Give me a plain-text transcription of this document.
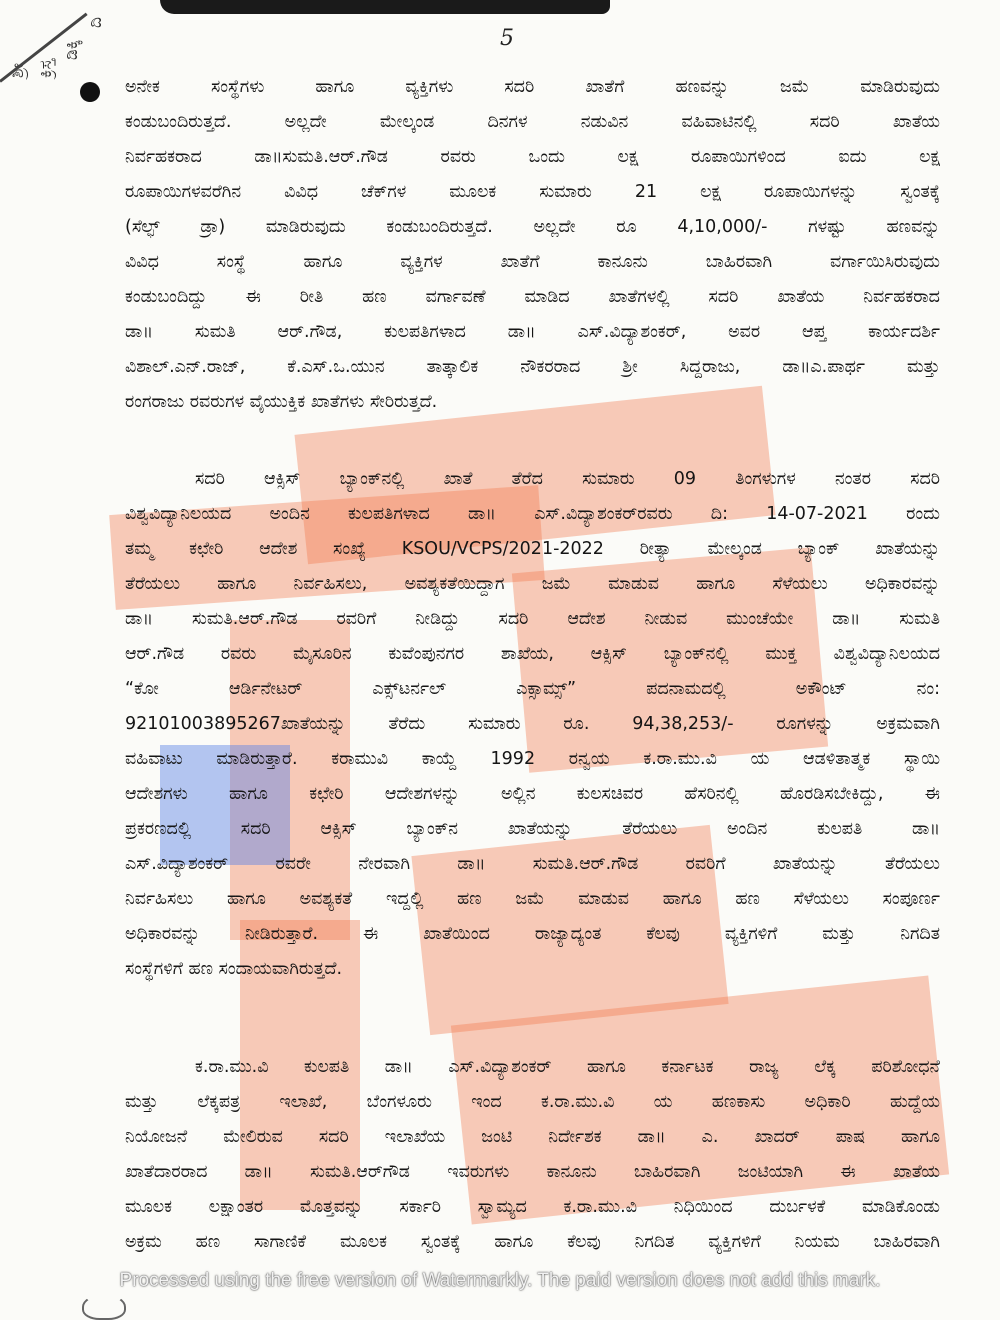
ಶ್ರೀ ಕ್ರಿಸ್ತ
ಡಿಕ್ಕಿ
ದಿ
5
ಅನೇಕ ಸಂಸ್ಥೆಗಳು ಹಾಗೂ ವ್ಯಕ್ತಿಗಳು ಸದರಿ ಖಾತೆಗೆ ಹಣವನ್ನು ಜಮೆ ಮಾಡಿರುವುದು
ಕಂಡುಬಂದಿರುತ್ತದೆ. ಅಲ್ಲದೇ ಮೇಲ್ಕಂಡ ದಿನಗಳ ನಡುವಿನ ವಹಿವಾಟಿನಲ್ಲಿ ಸದರಿ ಖಾತೆಯ
ನಿರ್ವಹಕರಾದ ಡಾ॥ಸುಮತಿ.ಆರ್.ಗೌಡ ರವರು ಒಂದು ಲಕ್ಷ ರೂಪಾಯಿಗಳಿಂದ ಐದು ಲಕ್ಷ
ರೂಪಾಯಿಗಳವರೆಗಿನ ವಿವಿಧ ಚೆಕ್‌ಗಳ ಮೂಲಕ ಸುಮಾರು 21 ಲಕ್ಷ ರೂಪಾಯಿಗಳನ್ನು ಸ್ವಂತಕ್ಕೆ
(ಸೆಲ್ಫ್ ಡ್ರಾ) ಮಾಡಿರುವುದು ಕಂಡುಬಂದಿರುತ್ತದೆ. ಅಲ್ಲದೇ ರೂ 4,10,000/- ಗಳಷ್ಟು ಹಣವನ್ನು
ವಿವಿಧ ಸಂಸ್ಥೆ ಹಾಗೂ ವ್ಯಕ್ತಿಗಳ ಖಾತೆಗೆ ಕಾನೂನು ಬಾಹಿರವಾಗಿ ವರ್ಗಾಯಿಸಿರುವುದು
ಕಂಡುಬಂದಿದ್ದು ಈ ರೀತಿ ಹಣ ವರ್ಗಾವಣೆ ಮಾಡಿದ ಖಾತೆಗಳಲ್ಲಿ ಸದರಿ ಖಾತೆಯ ನಿರ್ವಹಕರಾದ
ಡಾ॥ ಸುಮತಿ ಆರ್.ಗೌಡ, ಕುಲಪತಿಗಳಾದ ಡಾ॥ ಎಸ್.ವಿದ್ಯಾಶಂಕರ್, ಅವರ ಆಪ್ತ ಕಾರ್ಯದರ್ಶಿ
ವಿಶಾಲ್.ಎನ್.ರಾಜ್, ಕೆ.ಎಸ್.ಒ.ಯುನ ತಾತ್ಕಾಲಿಕ ನೌಕರರಾದ ಶ್ರೀ ಸಿದ್ದರಾಜು, ಡಾ॥ಎ.ಪಾರ್ಥ ಮತ್ತು
ರಂಗರಾಜು ರವರುಗಳ ವೈಯುಕ್ತಿಕ ಖಾತೆಗಳು ಸೇರಿರುತ್ತದೆ.
ಸದರಿ ಆಕ್ಸಿಸ್ ಬ್ಯಾಂಕ್‌ನಲ್ಲಿ ಖಾತೆ ತೆರೆದ ಸುಮಾರು 09 ತಿಂಗಳುಗಳ ನಂತರ ಸದರಿ
ವಿಶ್ವವಿದ್ಯಾನಿಲಯದ ಅಂದಿನ ಕುಲಪತಿಗಳಾದ ಡಾ॥ ಎಸ್.ವಿದ್ಯಾಶಂಕರ್‌ರವರು ದಿ: 14-07-2021 ರಂದು
ತಮ್ಮ ಕಛೇರಿ ಆದೇಶ ಸಂಖ್ಯೆ KSOU/VCPS/2021-2022 ರೀತ್ಯಾ ಮೇಲ್ಕಂಡ ಬ್ಯಾಂಕ್ ಖಾತೆಯನ್ನು
ತೆರೆಯಲು ಹಾಗೂ ನಿರ್ವಹಿಸಲು, ಅವಶ್ಯಕತೆಯಿದ್ದಾಗ ಜಮೆ ಮಾಡುವ ಹಾಗೂ ಸೆಳೆಯಲು ಅಧಿಕಾರವನ್ನು
ಡಾ॥ ಸುಮತಿ.ಆರ್.ಗೌಡ ರವರಿಗೆ ನೀಡಿದ್ದು ಸದರಿ ಆದೇಶ ನೀಡುವ ಮುಂಚೆಯೇ ಡಾ॥ ಸುಮತಿ
ಆರ್.ಗೌಡ ರವರು ಮೈಸೂರಿನ ಕುವೆಂಪುನಗರ ಶಾಖೆಯ, ಆಕ್ಸಿಸ್ ಬ್ಯಾಂಕ್‌ನಲ್ಲಿ ಮುಕ್ತ ವಿಶ್ವವಿದ್ಯಾನಿಲಯದ
“ಕೋ ಆರ್ಡಿನೇಟರ್ ಎಕ್ಸ್‌ಟರ್ನಲ್ ಎಕ್ಸಾಮ್ಸ್” ಪದನಾಮದಲ್ಲಿ ಅಕೌಂಟ್ ನಂ:
921010038952​67ಖಾತೆಯನ್ನು ತೆರೆದು ಸುಮಾರು ರೂ. 94,38,253/- ರೂಗಳನ್ನು ಅಕ್ರಮವಾಗಿ
ವಹಿವಾಟು ಮಾಡಿರುತ್ತಾರೆ. ಕರಾಮುವಿ ಕಾಯ್ದೆ 1992 ರನ್ವಯ ಕ.ರಾ.ಮು.ವಿ ಯ ಆಡಳಿತಾತ್ಮಕ ಸ್ಥಾಯಿ
ಆದೇಶಗಳು ಹಾಗೂ ಕಛೇರಿ ಆದೇಶಗಳನ್ನು ಅಲ್ಲಿನ ಕುಲಸಚಿವರ ಹೆಸರಿನಲ್ಲಿ ಹೊರಡಿಸಬೇಕಿದ್ದು, ಈ
ಪ್ರಕರಣದಲ್ಲಿ ಸದರಿ ಆಕ್ಸಿಸ್ ಬ್ಯಾಂಕ್‌ನ ಖಾತೆಯನ್ನು ತೆರೆಯಲು ಅಂದಿನ ಕುಲಪತಿ ಡಾ॥
ಎಸ್.ವಿದ್ಯಾಶಂಕರ್ ರವರೇ ನೇರವಾಗಿ ಡಾ॥ ಸುಮತಿ.ಆರ್.ಗೌಡ ರವರಿಗೆ ಖಾತೆಯನ್ನು ತೆರೆಯಲು
ನಿರ್ವಹಿಸಲು ಹಾಗೂ ಅವಶ್ಯಕತೆ ಇದ್ದಲ್ಲಿ ಹಣ ಜಮೆ ಮಾಡುವ ಹಾಗೂ ಹಣ ಸೆಳೆಯಲು ಸಂಪೂರ್ಣ
ಅಧಿಕಾರವನ್ನು ನೀಡಿರುತ್ತಾರೆ. ಈ ಖಾತೆಯಿಂದ ರಾಜ್ಯಾದ್ಯಂತ ಕೆಲವು ವ್ಯಕ್ತಿಗಳಿಗೆ ಮತ್ತು ನಿಗದಿತ
ಸಂಸ್ಥೆಗಳಿಗೆ ಹಣ ಸಂದಾಯವಾಗಿರುತ್ತದೆ.
ಕ.ರಾ.ಮು.ವಿ ಕುಲಪತಿ ಡಾ॥ ಎಸ್.ವಿದ್ಯಾಶಂಕರ್ ಹಾಗೂ ಕರ್ನಾಟಕ ರಾಜ್ಯ ಲೆಕ್ಕ ಪರಿಶೋಧನೆ
ಮತ್ತು ಲೆಕ್ಕಪತ್ರ ಇಲಾಖೆ, ಬೆಂಗಳೂರು ಇಂದ ಕ.ರಾ.ಮು.ವಿ ಯ ಹಣಕಾಸು ಅಧಿಕಾರಿ ಹುದ್ದೆಯ
ನಿಯೋಜನೆ ಮೇಲಿರುವ ಸದರಿ ಇಲಾಖೆಯ ಜಂಟಿ ನಿರ್ದೇಶಕ ಡಾ॥ ಎ. ಖಾದರ್ ಪಾಷ ಹಾಗೂ
ಖಾತೆದಾರರಾದ ಡಾ॥ ಸುಮತಿ.ಆರ್‌ಗೌಡ ಇವರುಗಳು ಕಾನೂನು ಬಾಹಿರವಾಗಿ ಜಂಟಿಯಾಗಿ ಈ ಖಾತೆಯ
ಮೂಲಕ ಲಕ್ಷಾಂತರ ಮೊತ್ತವನ್ನು ಸರ್ಕಾರಿ ಸ್ವಾಮ್ಯದ ಕ.ರಾ.ಮು.ವಿ ನಿಧಿಯಿಂದ ದುರ್ಬಳಕೆ ಮಾಡಿಕೊಂಡು
ಅಕ್ರಮ ಹಣ ಸಾಗಾಣಿಕೆ ಮೂಲಕ ಸ್ವಂತಕ್ಕೆ ಹಾಗೂ ಕೆಲವು ನಿಗದಿತ ವ್ಯಕ್ತಿಗಳಿಗೆ ನಿಯಮ ಬಾಹಿರವಾಗಿ
Processed using the free version of Watermarkly. The paid version does not add this mark.
